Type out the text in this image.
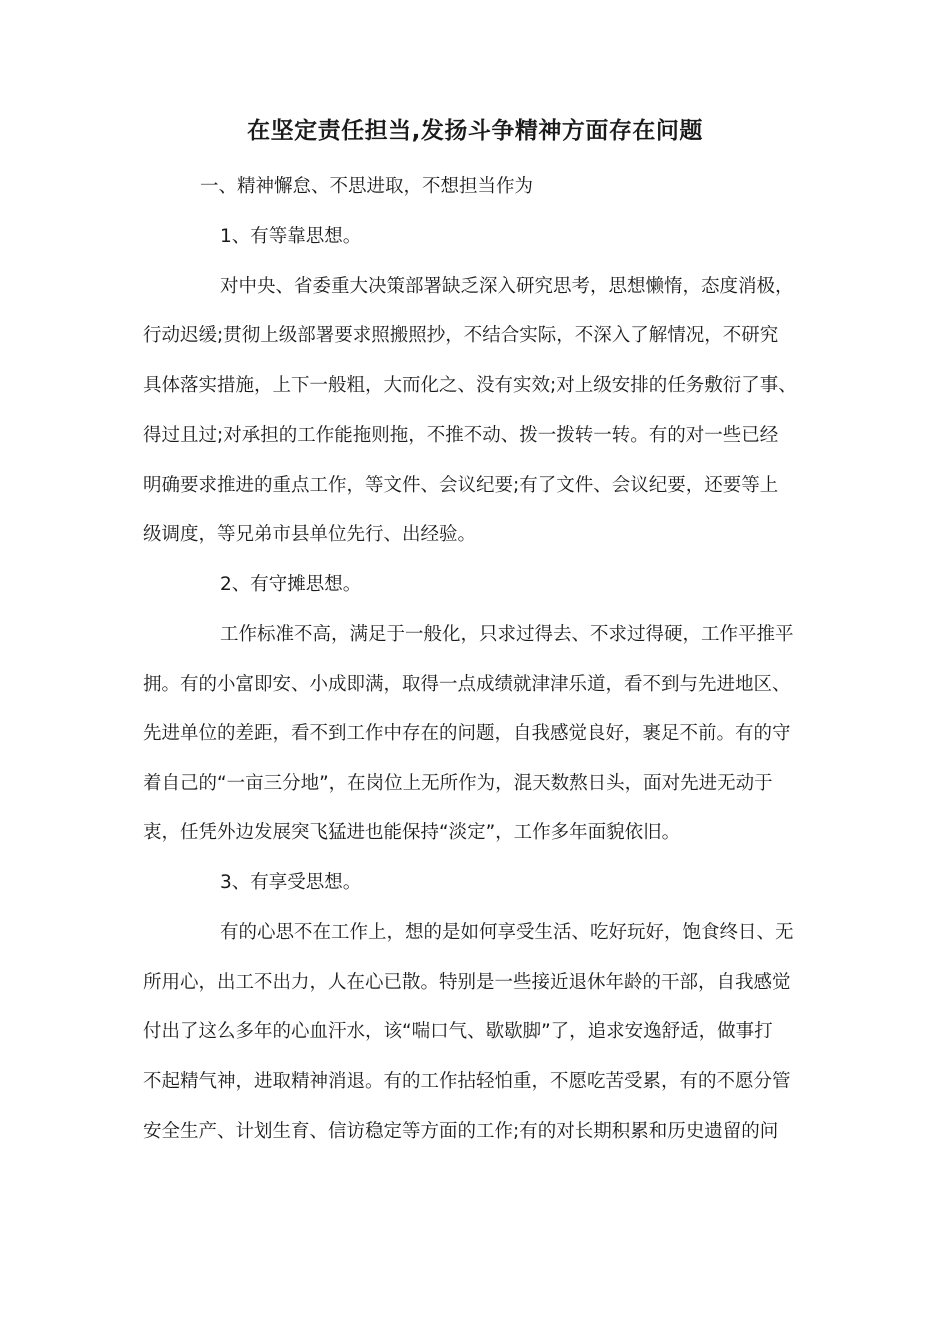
在坚定责任担当,发扬斗争精神方面存在问题
一、精神懈怠、不思进取，不想担当作为
1、有等靠思想。
对中央、省委重大决策部署缺乏深入研究思考，思想懒惰，态度消极，
行动迟缓;贯彻上级部署要求照搬照抄，不结合实际，不深入了解情况，不研究
具体落实措施，上下一般粗，大而化之、没有实效;对上级安排的任务敷衍了事、
得过且过;对承担的工作能拖则拖，不推不动、拨一拨转一转。有的对一些已经
明确要求推进的重点工作，等文件、会议纪要;有了文件、会议纪要，还要等上
级调度，等兄弟市县单位先行、出经验。
2、有守摊思想。
工作标准不高，满足于一般化，只求过得去、不求过得硬，工作平推平
拥。有的小富即安、小成即满，取得一点成绩就津津乐道，看不到与先进地区、
先进单位的差距，看不到工作中存在的问题，自我感觉良好，裹足不前。有的守
着自己的“一亩三分地”，在岗位上无所作为，混天数熬日头，面对先进无动于
衷，任凭外边发展突飞猛进也能保持“淡定”，工作多年面貌依旧。
3、有享受思想。
有的心思不在工作上，想的是如何享受生活、吃好玩好，饱食终日、无
所用心，出工不出力，人在心已散。特别是一些接近退休年龄的干部，自我感觉
付出了这么多年的心血汗水，该“喘口气、歇歇脚”了，追求安逸舒适，做事打
不起精气神，进取精神消退。有的工作拈轻怕重，不愿吃苦受累，有的不愿分管
安全生产、计划生育、信访稳定等方面的工作;有的对长期积累和历史遗留的问
